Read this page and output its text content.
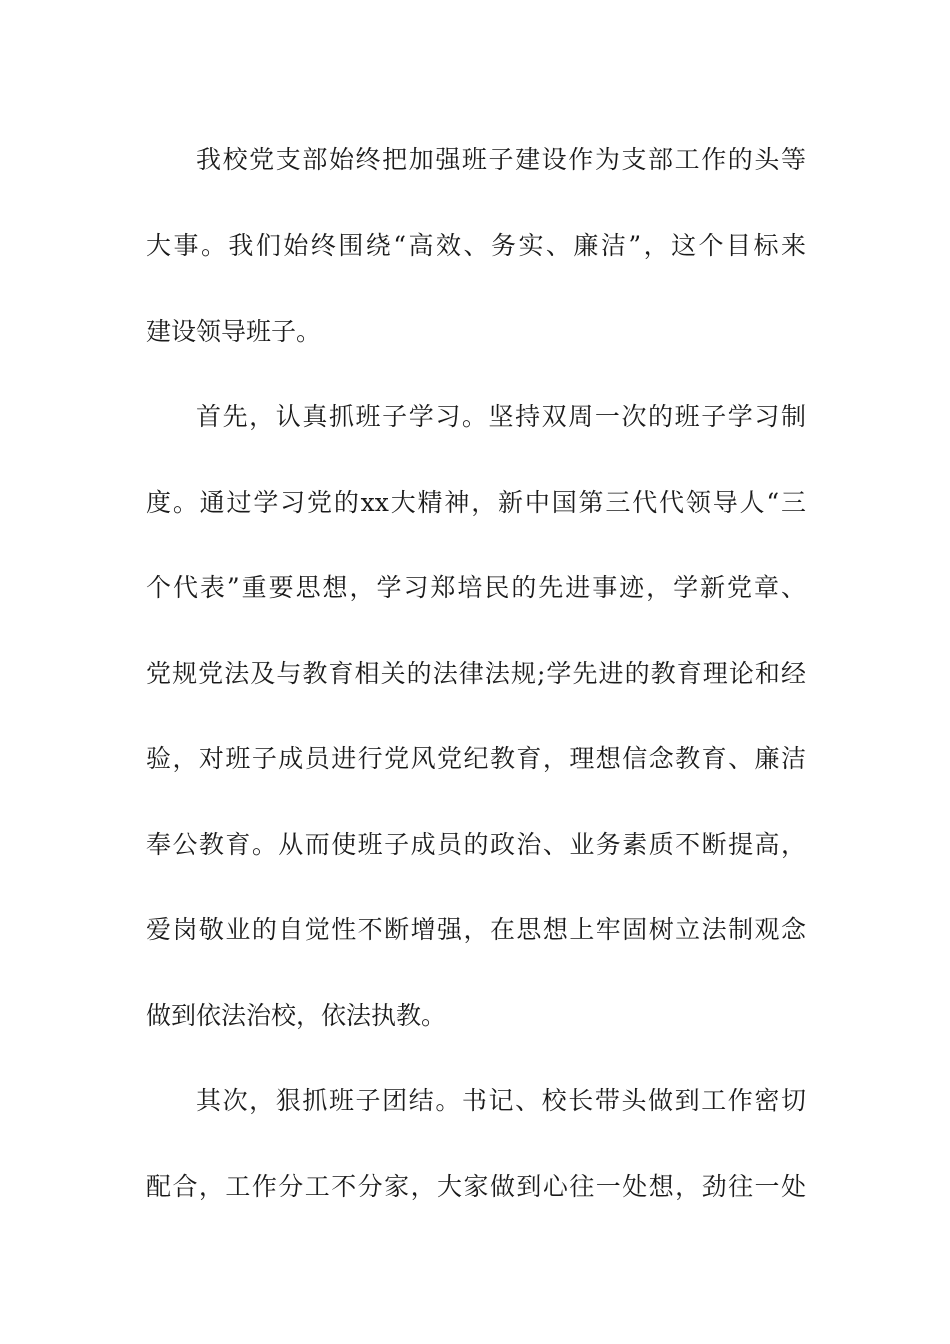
我校党支部始终把加强班子建设作为支部工作的头等
大事。我们始终围绕“高效、务实、廉洁”，这个目标来
建设领导班子。
首先，认真抓班子学习。坚持双周一次的班子学习制
度。通过学习党的xx大精神，新中国第三代代领导人“三
个代表”重要思想，学习郑培民的先进事迹，学新党章、
党规党法及与教育相关的法律法规;学先进的教育理论和经
验，对班子成员进行党风党纪教育，理想信念教育、廉洁
奉公教育。从而使班子成员的政治、业务素质不断提高，
爱岗敬业的自觉性不断增强，在思想上牢固树立法制观念
做到依法治校，依法执教。
其次，狠抓班子团结。书记、校长带头做到工作密切
配合，工作分工不分家，大家做到心往一处想，劲往一处
